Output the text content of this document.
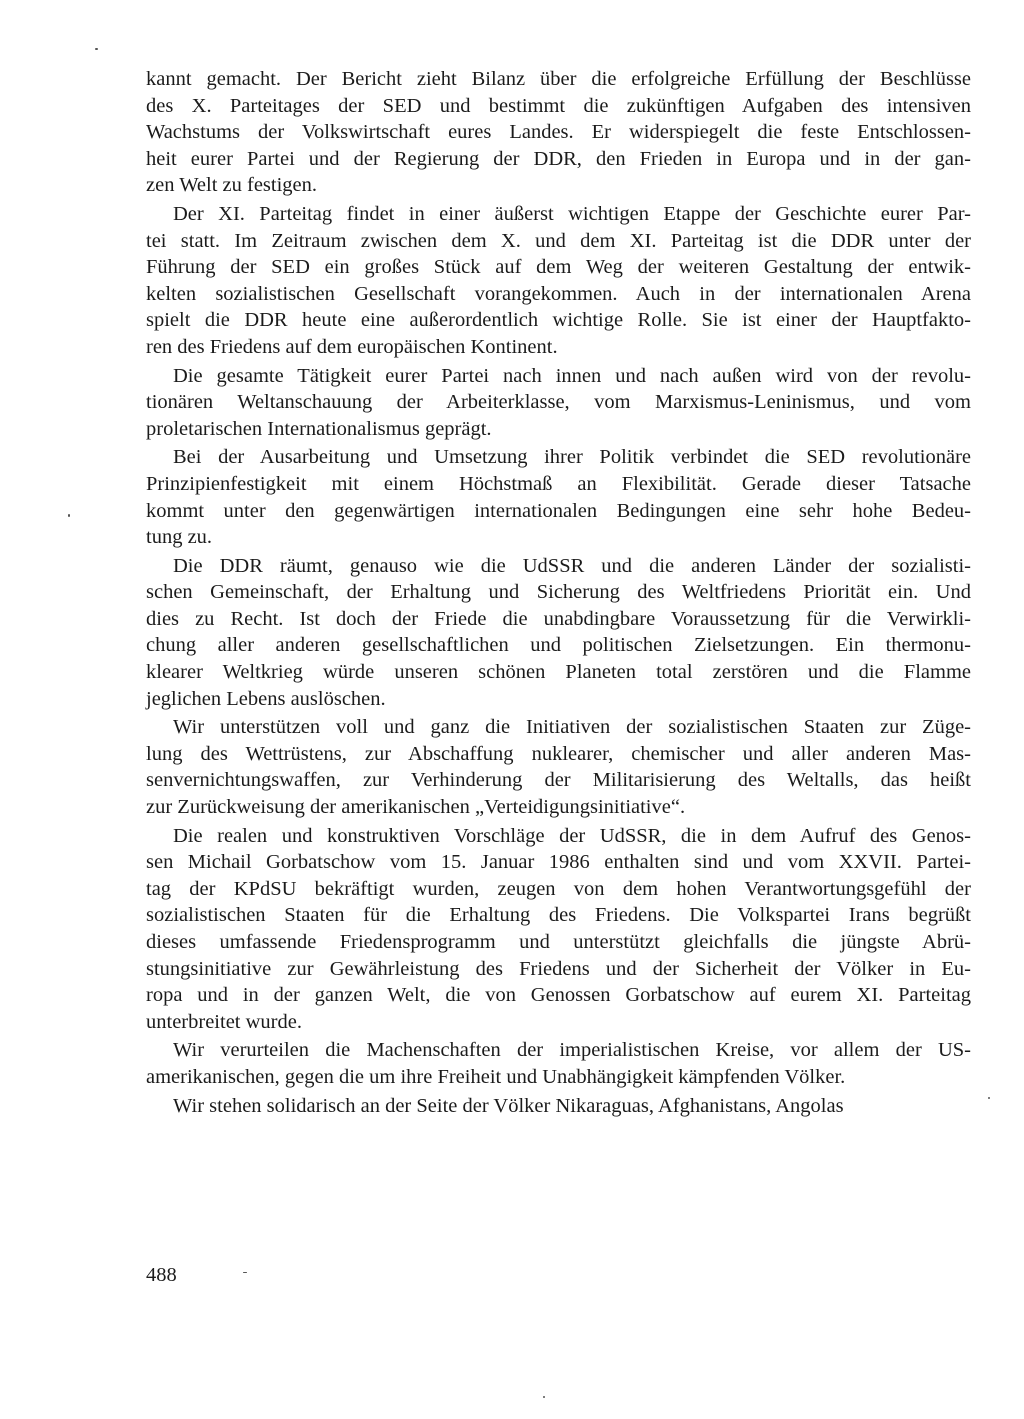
kannt gemacht. Der Bericht zieht Bilanz über die erfolgreiche Erfüllung der Beschlüsse
des X. Parteitages der SED und bestimmt die zukünftigen Aufgaben des intensiven
Wachstums der Volkswirtschaft eures Landes. Er widerspiegelt die feste Entschlossen-
heit eurer Partei und der Regierung der DDR, den Frieden in Europa und in der gan-
zen Welt zu festigen.
Der XI. Parteitag findet in einer äußerst wichtigen Etappe der Geschichte eurer Par-
tei statt. Im Zeitraum zwischen dem X. und dem XI. Parteitag ist die DDR unter der
Führung der SED ein großes Stück auf dem Weg der weiteren Gestaltung der entwik-
kelten sozialistischen Gesellschaft vorangekommen. Auch in der internationalen Arena
spielt die DDR heute eine außerordentlich wichtige Rolle. Sie ist einer der Hauptfakto-
ren des Friedens auf dem europäischen Kontinent.
Die gesamte Tätigkeit eurer Partei nach innen und nach außen wird von der revolu-
tionären Weltanschauung der Arbeiterklasse, vom Marxismus-Leninismus, und vom
proletarischen Internationalismus geprägt.
Bei der Ausarbeitung und Umsetzung ihrer Politik verbindet die SED revolutionäre
Prinzipienfestigkeit mit einem Höchstmaß an Flexibilität. Gerade dieser Tatsache
kommt unter den gegenwärtigen internationalen Bedingungen eine sehr hohe Bedeu-
tung zu.
Die DDR räumt, genauso wie die UdSSR und die anderen Länder der sozialisti-
schen Gemeinschaft, der Erhaltung und Sicherung des Weltfriedens Priorität ein. Und
dies zu Recht. Ist doch der Friede die unabdingbare Voraussetzung für die Verwirkli-
chung aller anderen gesellschaftlichen und politischen Zielsetzungen. Ein thermonu-
klearer Weltkrieg würde unseren schönen Planeten total zerstören und die Flamme
jeglichen Lebens auslöschen.
Wir unterstützen voll und ganz die Initiativen der sozialistischen Staaten zur Züge-
lung des Wettrüstens, zur Abschaffung nuklearer, chemischer und aller anderen Mas-
senvernichtungswaffen, zur Verhinderung der Militarisierung des Weltalls, das heißt
zur Zurückweisung der amerikanischen „Verteidigungsinitiative“.
Die realen und konstruktiven Vorschläge der UdSSR, die in dem Aufruf des Genos-
sen Michail Gorbatschow vom 15. Januar 1986 enthalten sind und vom XXVII. Partei-
tag der KPdSU bekräftigt wurden, zeugen von dem hohen Verantwortungsgefühl der
sozialistischen Staaten für die Erhaltung des Friedens. Die Volkspartei Irans begrüßt
dieses umfassende Friedensprogramm und unterstützt gleichfalls die jüngste Abrü-
stungsinitiative zur Gewährleistung des Friedens und der Sicherheit der Völker in Eu-
ropa und in der ganzen Welt, die von Genossen Gorbatschow auf eurem XI. Parteitag
unterbreitet wurde.
Wir verurteilen die Machenschaften der imperialistischen Kreise, vor allem der US-
amerikanischen, gegen die um ihre Freiheit und Unabhängigkeit kämpfenden Völker.
Wir stehen solidarisch an der Seite der Völker Nikaraguas, Afghanistans, Angolas
488
